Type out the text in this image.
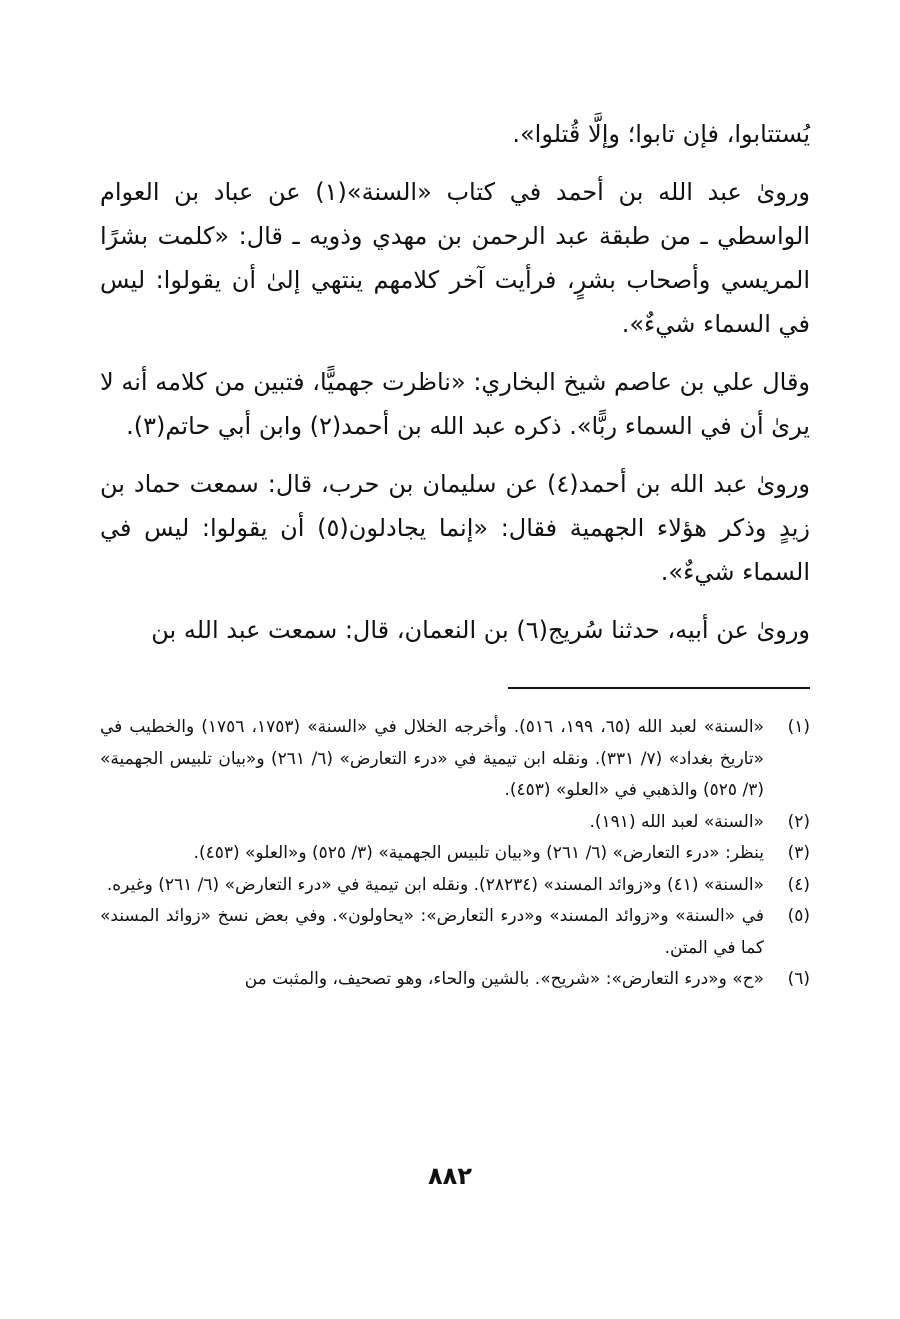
يُستتابوا، فإن تابوا؛ وإلَّا قُتلوا».

وروىٰ عبد الله بن أحمد في كتاب «السنة»(١) عن عباد بن العوام الواسطي ـ من طبقة عبد الرحمن بن مهدي وذويه ـ قال: «كلمت بشرًا المريسي وأصحاب بشرٍ، فرأيت آخر كلامهم ينتهي إلىٰ أن يقولوا: ليس في السماء شيءٌ».

وقال علي بن عاصم شيخ البخاري: «ناظرت جهميًّا، فتبين من كلامه أنه لا يرىٰ أن في السماء ربًّا». ذكره عبد الله بن أحمد(٢) وابن أبي حاتم(٣).

وروىٰ عبد الله بن أحمد(٤) عن سليمان بن حرب، قال: سمعت حماد بن زيدٍ وذكر هؤلاء الجهمية فقال: «إنما يجادلون(٥) أن يقولوا: ليس في السماء شيءٌ».

وروىٰ عن أبيه، حدثنا سُريج(٦) بن النعمان، قال: سمعت عبد الله بن

(١)
«السنة» لعبد الله (٦٥، ١٩٩، ٥١٦). وأخرجه الخلال في «السنة» (١٧٥٣، ١٧٥٦) والخطيب في «تاريخ بغداد» (٧/ ٣٣١). ونقله ابن تيمية في «درء التعارض» (٦/ ٢٦١) و«بيان تلبيس الجهمية» (٣/ ٥٢٥) والذهبي في «العلو» (٤٥٣).
(٢)
«السنة» لعبد الله (١٩١).
(٣)
ينظر: «درء التعارض» (٦/ ٢٦١) و«بيان تلبيس الجهمية» (٣/ ٥٢٥) و«العلو» (٤٥٣).
(٤)
«السنة» (٤١) و«زوائد المسند» (٢٨٢٣٤). ونقله ابن تيمية في «درء التعارض» (٦/ ٢٦١) وغيره.
(٥)
في «السنة» و«زوائد المسند» و«درء التعارض»: «يحاولون». وفي بعض نسخ «زوائد المسند» كما في المتن.
(٦)
«ح» و«درء التعارض»: «شريح». بالشين والحاء، وهو تصحيف، والمثبت من
٨٨٢
